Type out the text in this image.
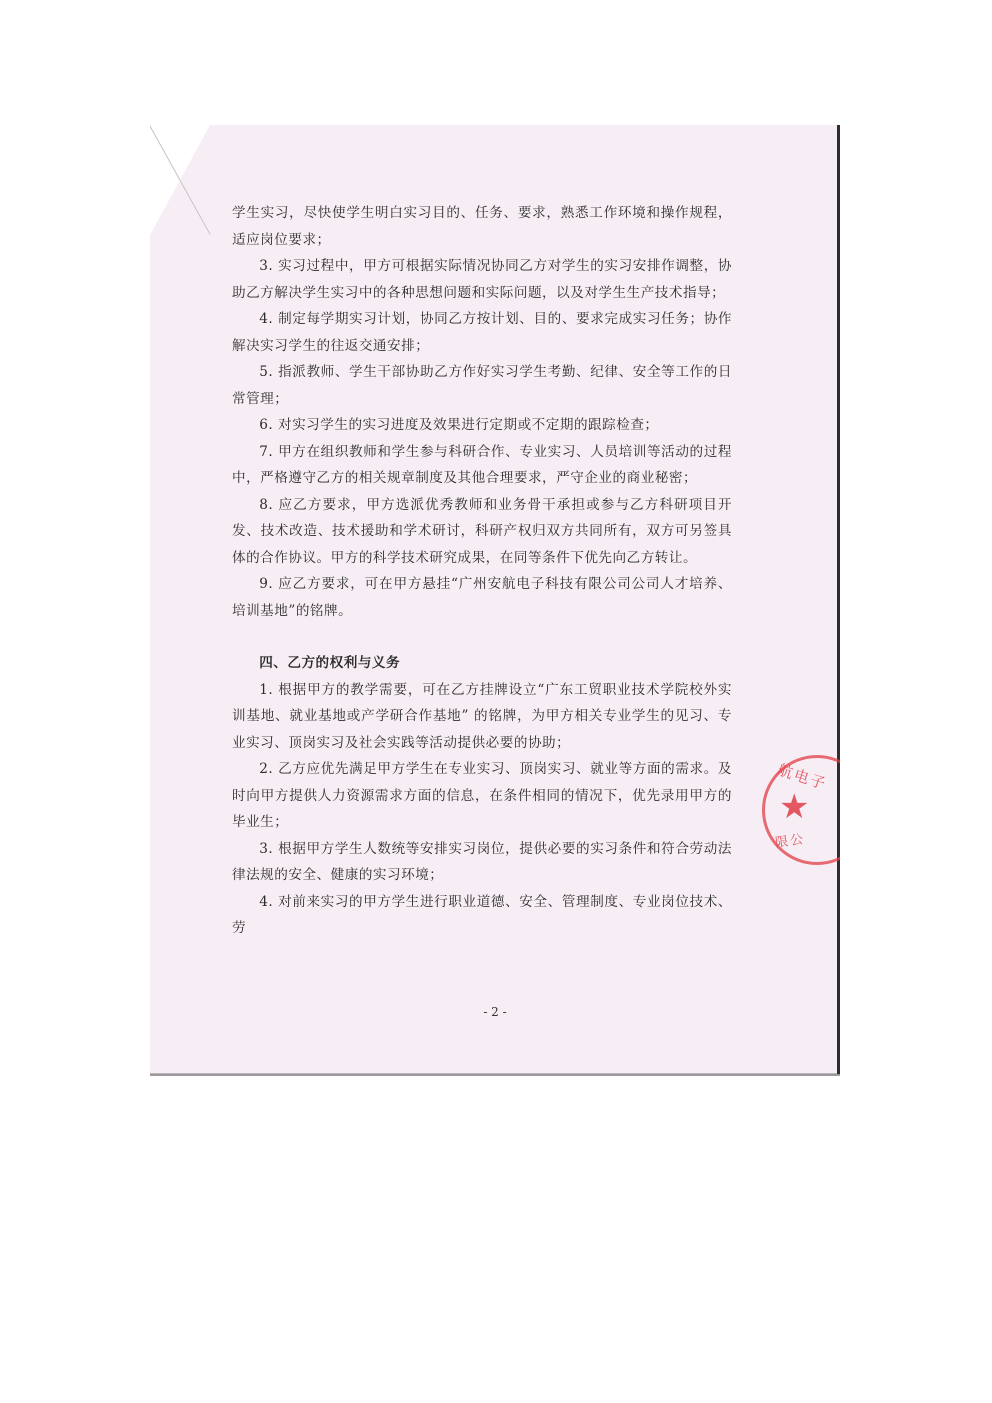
学生实习，尽快使学生明白实习目的、任务、要求，熟悉工作环境和操作规程，适应岗位要求；

3. 实习过程中，甲方可根据实际情况协同乙方对学生的实习安排作调整，协助乙方解决学生实习中的各种思想问题和实际问题，以及对学生生产技术指导；

4. 制定每学期实习计划，协同乙方按计划、目的、要求完成实习任务；协作解决实习学生的往返交通安排；

5. 指派教师、学生干部协助乙方作好实习学生考勤、纪律、安全等工作的日常管理；

6. 对实习学生的实习进度及效果进行定期或不定期的跟踪检查；

7. 甲方在组织教师和学生参与科研合作、专业实习、人员培训等活动的过程中，严格遵守乙方的相关规章制度及其他合理要求，严守企业的商业秘密；

8. 应乙方要求，甲方选派优秀教师和业务骨干承担或参与乙方科研项目开发、技术改造、技术援助和学术研讨，科研产权归双方共同所有，双方可另签具体的合作协议。甲方的科学技术研究成果，在同等条件下优先向乙方转让。

9. 应乙方要求，可在甲方悬挂“广州安航电子科技有限公司公司人才培养、培训基地”的铭牌。

四、乙方的权利与义务

1. 根据甲方的教学需要，可在乙方挂牌设立“广东工贸职业技术学院校外实训基地、就业基地或产学研合作基地” 的铭牌，为甲方相关专业学生的见习、专业实习、顶岗实习及社会实践等活动提供必要的协助；

2. 乙方应优先满足甲方学生在专业实习、顶岗实习、就业等方面的需求。及时向甲方提供人力资源需求方面的信息，在条件相同的情况下，优先录用甲方的毕业生；

3. 根据甲方学生人数统等安排实习岗位，提供必要的实习条件和符合劳动法律法规的安全、健康的实习环境；

4. 对前来实习的甲方学生进行职业道德、安全、管理制度、专业岗位技术、劳

航电子
★
限公
- 2 -
